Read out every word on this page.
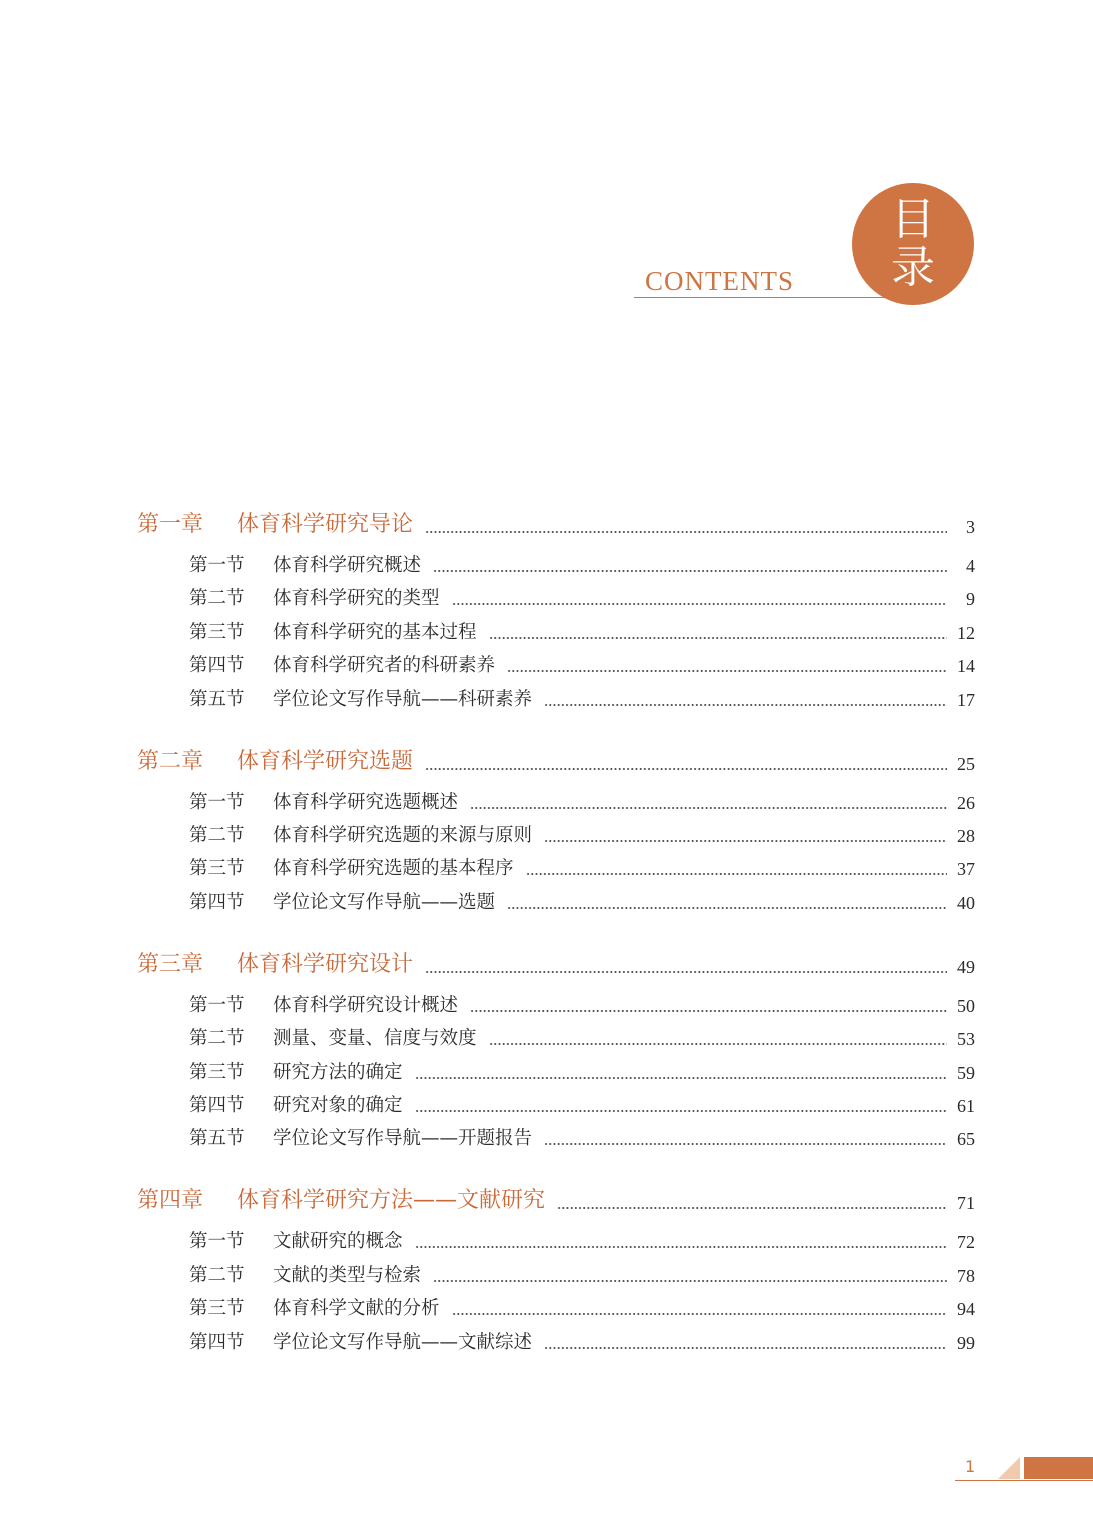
目
录
CONTENTS
第一章	体育科学研究导论	3
第一节	体育科学研究概述	4
第二节	体育科学研究的类型	9
第三节	体育科学研究的基本过程	12
第四节	体育科学研究者的科研素养	14
第五节	学位论文写作导航——科研素养	17
第二章	体育科学研究选题	25
第一节	体育科学研究选题概述	26
第二节	体育科学研究选题的来源与原则	28
第三节	体育科学研究选题的基本程序	37
第四节	学位论文写作导航——选题	40
第三章	体育科学研究设计	49
第一节	体育科学研究设计概述	50
第二节	测量、变量、信度与效度	53
第三节	研究方法的确定	59
第四节	研究对象的确定	61
第五节	学位论文写作导航——开题报告	65
第四章	体育科学研究方法——文献研究	71
第一节	文献研究的概念	72
第二节	文献的类型与检索	78
第三节	体育科学文献的分析	94
第四节	学位论文写作导航——文献综述	99
1
